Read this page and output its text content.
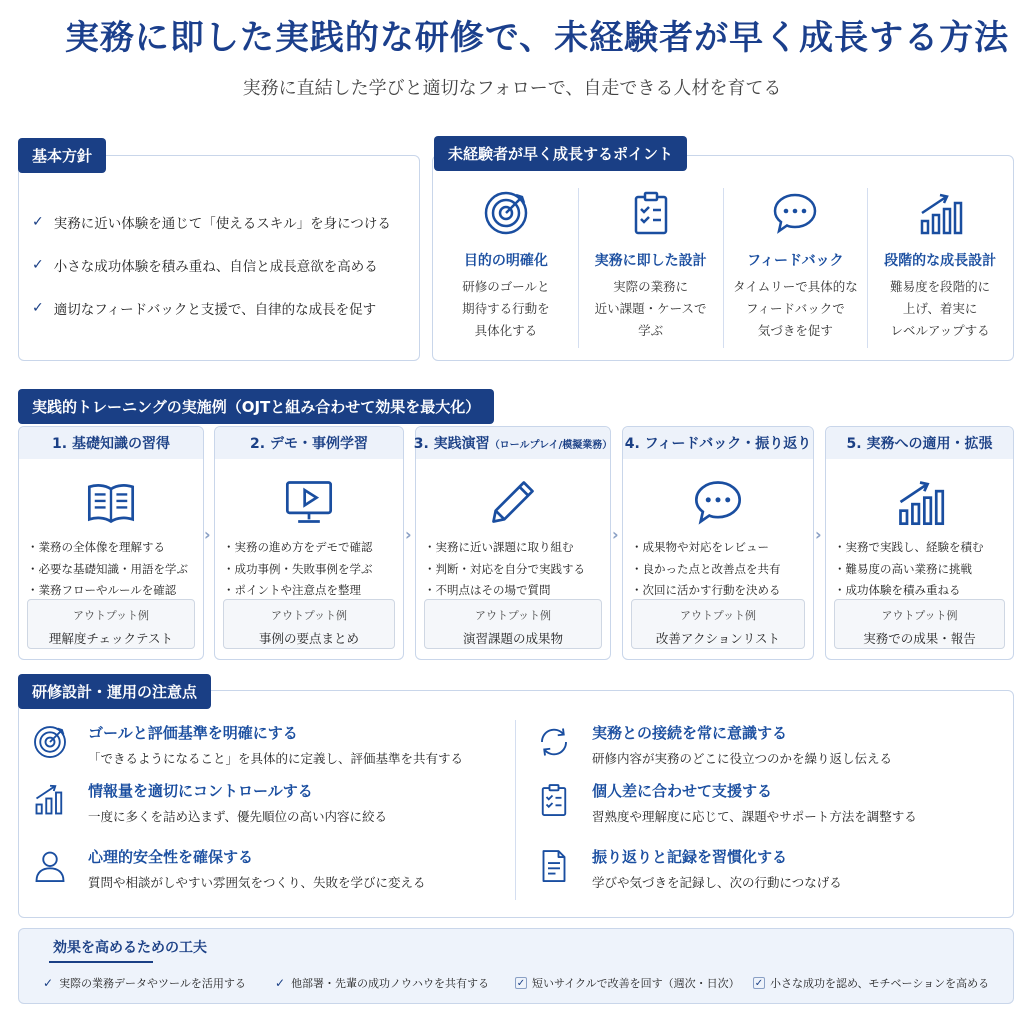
実務に即した実践的な研修で、未経験者が早く成長する方法
実務に直結した学びと適切なフォローで、自走できる人材を育てる
基本方針
✓ 実務に近い体験を通じて「使えるスキル」を身につける
✓ 小さな成功体験を積み重ね、自信と成長意欲を高める
✓ 適切なフィードバックと支援で、自律的な成長を促す
未経験者が早く成長するポイント
目的の明確化
研修のゴールと
期待する行動を
具体化する
実務に即した設計
実際の業務に
近い課題・ケースで
学ぶ
フィードバック
タイムリーで具体的な
フィードバックで
気づきを促す
段階的な成長設計
難易度を段階的に
上げ、着実に
レベルアップする
実践的トレーニングの実施例（OJTと組み合わせて効果を最大化）
1. 基礎知識の習得
・業務の全体像を理解する
・必要な基礎知識・用語を学ぶ
・業務フローやルールを確認
アウトプット例
理解度チェックテスト
›
2. デモ・事例学習
・実務の進め方をデモで確認
・成功事例・失敗事例を学ぶ
・ポイントや注意点を整理
アウトプット例
事例の要点まとめ
›
3. 実践演習 （ロールプレイ/模擬業務）
・実務に近い課題に取り組む
・判断・対応を自分で実践する
・不明点はその場で質問
アウトプット例
演習課題の成果物
›
4. フィードバック・振り返り
・成果物や対応をレビュー
・良かった点と改善点を共有
・次回に活かす行動を決める
アウトプット例
改善アクションリスト
›
5. 実務への適用・拡張
・実務で実践し、経験を積む
・難易度の高い業務に挑戦
・成功体験を積み重ねる
アウトプット例
実務での成果・報告
研修設計・運用の注意点
ゴールと評価基準を明確にする
「できるようになること」を具体的に定義し、評価基準を共有する
情報量を適切にコントロールする
一度に多くを詰め込まず、優先順位の高い内容に絞る
心理的安全性を確保する
質問や相談がしやすい雰囲気をつくり、失敗を学びに変える
実務との接続を常に意識する
研修内容が実務のどこに役立つのかを繰り返し伝える
個人差に合わせて支援する
習熟度や理解度に応じて、課題やサポート方法を調整する
振り返りと記録を習慣化する
学びや気づきを記録し、次の行動につなげる
効果を高めるための工夫
✓ 実際の業務データやツールを活用する ✓ 他部署・先輩の成功ノウハウを共有する	✓ 短いサイクルで改善を回す（週次・日次） ✓ 小さな成功を認め、モチベーションを高める
